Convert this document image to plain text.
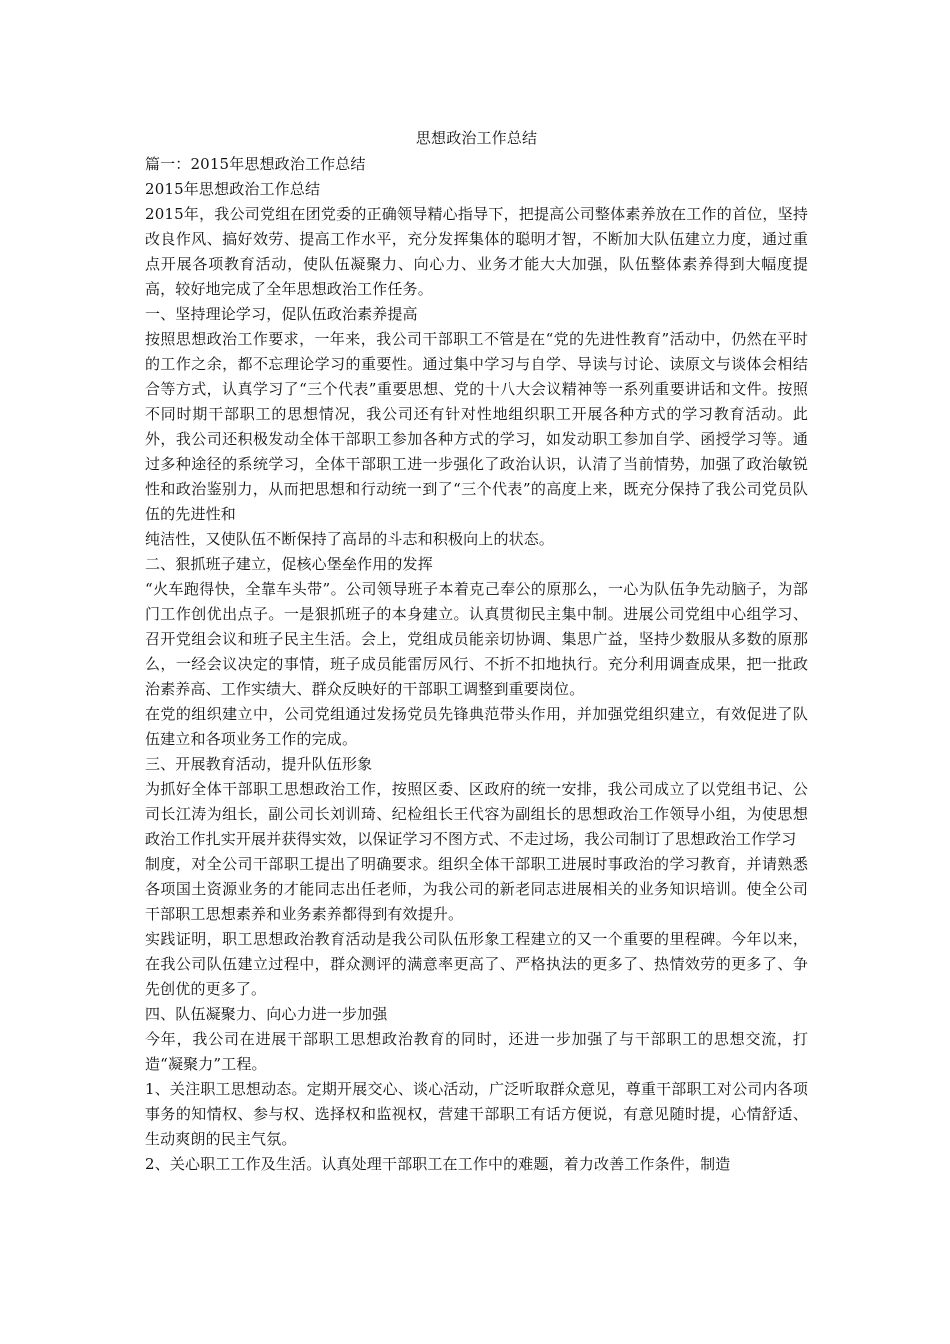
思想政治工作总结

篇一：2015年思想政治工作总结

2015年思想政治工作总结

2015年，我公司党组在团党委的正确领导精心指导下，把提高公司整体素养放在工作的首位，坚持改良作风、搞好效劳、提高工作水平，充分发挥集体的聪明才智，不断加大队伍建立力度，通过重点开展各项教育活动，使队伍凝聚力、向心力、业务才能大大加强，队伍整体素养得到大幅度提高，较好地完成了全年思想政治工作任务。

一、坚持理论学习，促队伍政治素养提高

按照思想政治工作要求，一年来，我公司干部职工不管是在“党的先进性教育”活动中，仍然在平时的工作之余，都不忘理论学习的重要性。通过集中学习与自学、导读与讨论、读原文与谈体会相结合等方式，认真学习了“三个代表”重要思想、党的十八大会议精神等一系列重要讲话和文件。按照不同时期干部职工的思想情况，我公司还有针对性地组织职工开展各种方式的学习教育活动。此外，我公司还积极发动全体干部职工参加各种方式的学习，如发动职工参加自学、函授学习等。通过多种途径的系统学习，全体干部职工进一步强化了政治认识，认清了当前情势，加强了政治敏锐性和政治鉴别力，从而把思想和行动统一到了“三个代表”的高度上来，既充分保持了我公司党员队伍的先进性和

纯洁性，又使队伍不断保持了高昂的斗志和积极向上的状态。

二、狠抓班子建立，促核心堡垒作用的发挥

“火车跑得快，全靠车头带”。公司领导班子本着克己奉公的原那么，一心为队伍争先动脑子，为部门工作创优出点子。一是狠抓班子的本身建立。认真贯彻民主集中制。进展公司党组中心组学习、召开党组会议和班子民主生活。会上，党组成员能亲切协调、集思广益，坚持少数服从多数的原那么，一经会议决定的事情，班子成员能雷厉风行、不折不扣地执行。充分利用调查成果，把一批政治素养高、工作实绩大、群众反映好的干部职工调整到重要岗位。

在党的组织建立中，公司党组通过发扬党员先锋典范带头作用，并加强党组织建立，有效促进了队伍建立和各项业务工作的完成。

三、开展教育活动，提升队伍形象

为抓好全体干部职工思想政治工作，按照区委、区政府的统一安排，我公司成立了以党组书记、公司长江涛为组长，副公司长刘训琦、纪检组长王代容为副组长的思想政治工作领导小组，为使思想政治工作扎实开展并获得实效，以保证学习不图方式、不走过场，我公司制订了思想政治工作学习

制度，对全公司干部职工提出了明确要求。组织全体干部职工进展时事政治的学习教育，并请熟悉各项国土资源业务的才能同志出任老师，为我公司的新老同志进展相关的业务知识培训。使全公司干部职工思想素养和业务素养都得到有效提升。

实践证明，职工思想政治教育活动是我公司队伍形象工程建立的又一个重要的里程碑。今年以来，在我公司队伍建立过程中，群众测评的满意率更高了、严格执法的更多了、热情效劳的更多了、争先创优的更多了。

四、队伍凝聚力、向心力进一步加强

今年，我公司在进展干部职工思想政治教育的同时，还进一步加强了与干部职工的思想交流，打造“凝聚力”工程。

1、关注职工思想动态。定期开展交心、谈心活动，广泛听取群众意见，尊重干部职工对公司内各项事务的知情权、参与权、选择权和监视权，营建干部职工有话方便说，有意见随时提，心情舒适、生动爽朗的民主气氛。

2、关心职工工作及生活。认真处理干部职工在工作中的难题，着力改善工作条件，制造
